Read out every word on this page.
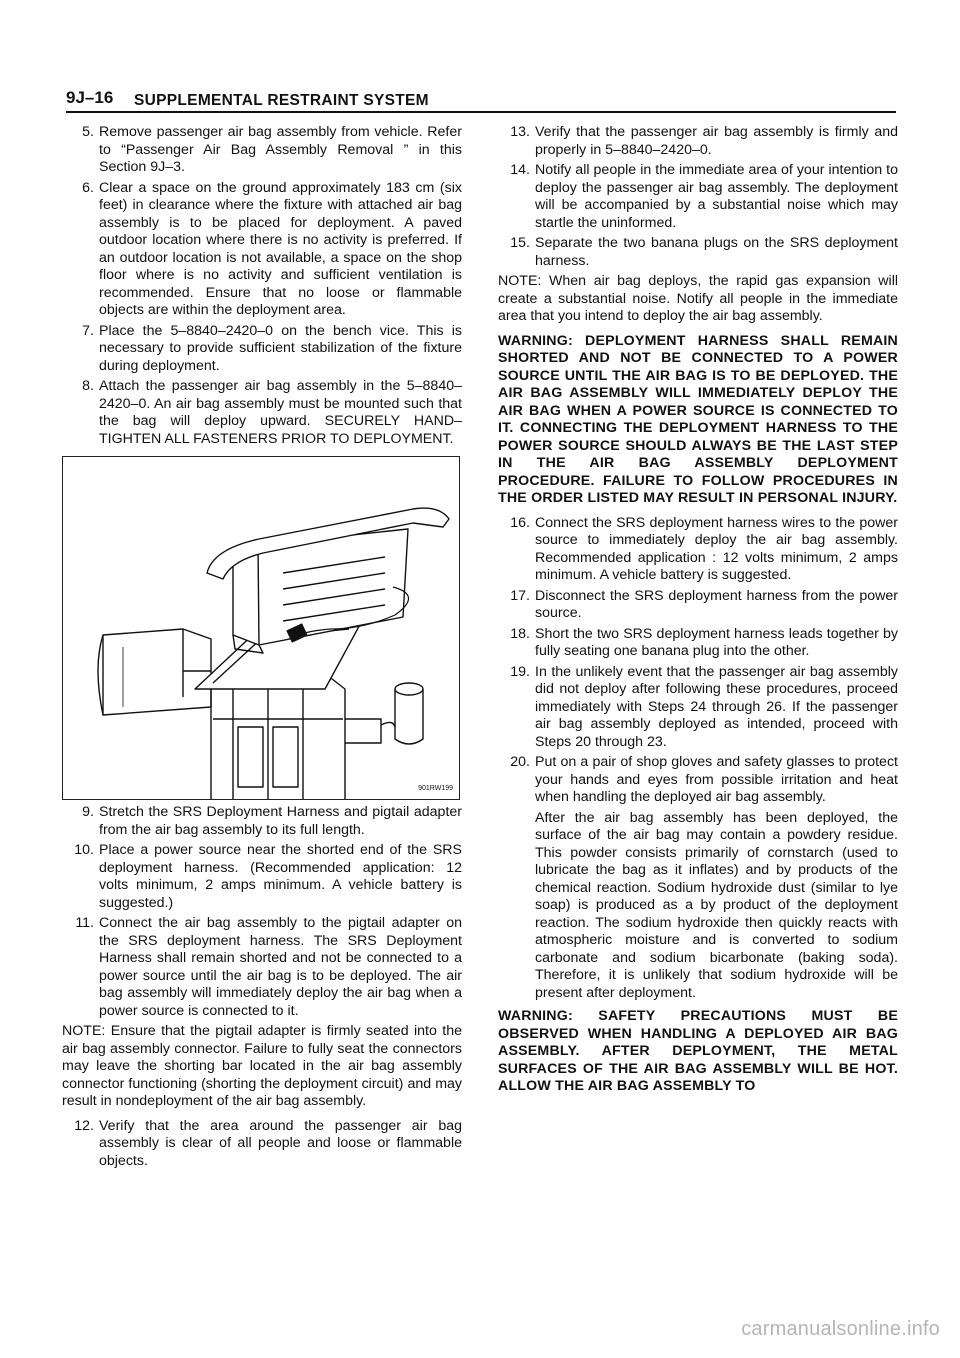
9J–16 SUPPLEMENTAL RESTRAINT SYSTEM
5. Remove passenger air bag assembly from vehicle. Refer to “Passenger Air Bag Assembly Removal ” in this Section 9J–3.
6. Clear a space on the ground approximately 183 cm (six feet) in clearance where the fixture with attached air bag assembly is to be placed for deployment. A paved outdoor location where there is no activity is preferred. If an outdoor location is not available, a space on the shop floor where is no activity and sufficient ventilation is recommended. Ensure that no loose or flammable objects are within the deployment area.
7. Place the 5–8840–2420–0 on the bench vice. This is necessary to provide sufficient stabilization of the fixture during deployment.
8. Attach the passenger air bag assembly in the 5–8840–2420–0. An air bag assembly must be mounted such that the bag will deploy upward. SECURELY HAND–TIGHTEN ALL FASTENERS PRIOR TO DEPLOYMENT.
901RW199
9. Stretch the SRS Deployment Harness and pigtail adapter from the air bag assembly to its full length.
10. Place a power source near the shorted end of the SRS deployment harness. (Recommended application: 12 volts minimum, 2 amps minimum. A vehicle battery is suggested.)
11. Connect the air bag assembly to the pigtail adapter on the SRS deployment harness. The SRS Deployment Harness shall remain shorted and not be connected to a power source until the air bag is to be deployed. The air bag assembly will immediately deploy the air bag when a power source is connected to it.

NOTE: Ensure that the pigtail adapter is firmly seated into the air bag assembly connector. Failure to fully seat the connectors may leave the shorting bar located in the air bag assembly connector functioning (shorting the deployment circuit) and may result in nondeployment of the air bag assembly.

12. Verify that the area around the passenger air bag assembly is clear of all people and loose or flammable objects.
13. Verify that the passenger air bag assembly is firmly and properly in 5–8840–2420–0.
14. Notify all people in the immediate area of your intention to deploy the passenger air bag assembly. The deployment will be accompanied by a substantial noise which may startle the uninformed.
15. Separate the two banana plugs on the SRS deployment harness.

NOTE: When air bag deploys, the rapid gas expansion will create a substantial noise. Notify all people in the immediate area that you intend to deploy the air bag assembly.

WARNING: DEPLOYMENT HARNESS SHALL REMAIN SHORTED AND NOT BE CONNECTED TO A POWER SOURCE UNTIL THE AIR BAG IS TO BE DEPLOYED. THE AIR BAG ASSEMBLY WILL IMMEDIATELY DEPLOY THE AIR BAG WHEN A POWER SOURCE IS CONNECTED TO IT. CONNECTING THE DEPLOYMENT HARNESS TO THE POWER SOURCE SHOULD ALWAYS BE THE LAST STEP IN THE AIR BAG ASSEMBLY DEPLOYMENT PROCEDURE. FAILURE TO FOLLOW PROCEDURES IN THE ORDER LISTED MAY RESULT IN PERSONAL INJURY.

16. Connect the SRS deployment harness wires to the power source to immediately deploy the air bag assembly. Recommended application : 12 volts minimum, 2 amps minimum. A vehicle battery is suggested.
17. Disconnect the SRS deployment harness from the power source.
18. Short the two SRS deployment harness leads together by fully seating one banana plug into the other.
19. In the unlikely event that the passenger air bag assembly did not deploy after following these procedures, proceed immediately with Steps 24 through 26. If the passenger air bag assembly deployed as intended, proceed with Steps 20 through 23.
20. Put on a pair of shop gloves and safety glasses to protect your hands and eyes from possible irritation and heat when handling the deployed air bag assembly.
After the air bag assembly has been deployed, the surface of the air bag may contain a powdery residue. This powder consists primarily of cornstarch (used to lubricate the bag as it inflates) and by products of the chemical reaction. Sodium hydroxide dust (similar to lye soap) is produced as a by product of the deployment reaction. The sodium hydroxide then quickly reacts with atmospheric moisture and is converted to sodium carbonate and sodium bicarbonate (baking soda). Therefore, it is unlikely that sodium hydroxide will be present after deployment.

WARNING: SAFETY PRECAUTIONS MUST BE OBSERVED WHEN HANDLING A DEPLOYED AIR BAG ASSEMBLY. AFTER DEPLOYMENT, THE METAL SURFACES OF THE AIR BAG ASSEMBLY WILL BE HOT. ALLOW THE AIR BAG ASSEMBLY TO

carmanualsonline.info
